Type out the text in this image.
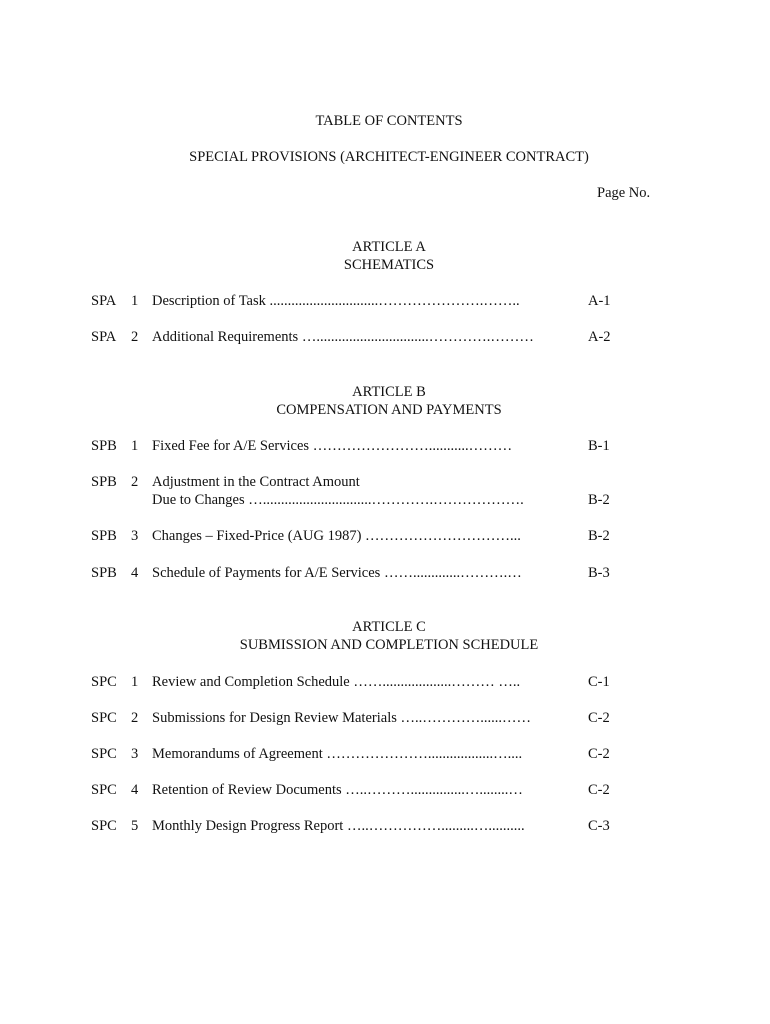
TABLE OF CONTENTS
SPECIAL PROVISIONS (ARCHITECT-ENGINEER CONTRACT)
Page No.
ARTICLE A
SCHEMATICS
SPA 1 Description of Task ..............................………………….……..	A-1
SPA 2 Additional Requirements …...............................………….………	A-2
ARTICLE B
COMPENSATION AND PAYMENTS
SPB 1 Fixed Fee for A/E Services ……………………...........………	B-1
SPB 2 Adjustment in the Contract Amount
Due to Changes …..............................………….……………….	B-2
SPB 3 Changes – Fixed-Price (AUG 1987) …………………………...	B-2
SPB 4 Schedule of Payments for A/E Services …….............……….…	B-3
ARTICLE C
SUBMISSION AND COMPLETION SCHEDULE
SPC 1 Review and Completion Schedule ……...................……… …..	C-1
SPC 2 Submissions for Design Review Materials …..…………......……	C-2
SPC 3 Memorandums of Agreement …………………..................…....	C-2
SPC 4 Retention of Review Documents …..………...............…........…	C-2
SPC 5 Monthly Design Progress Report …..…………….........…..........	C-3
